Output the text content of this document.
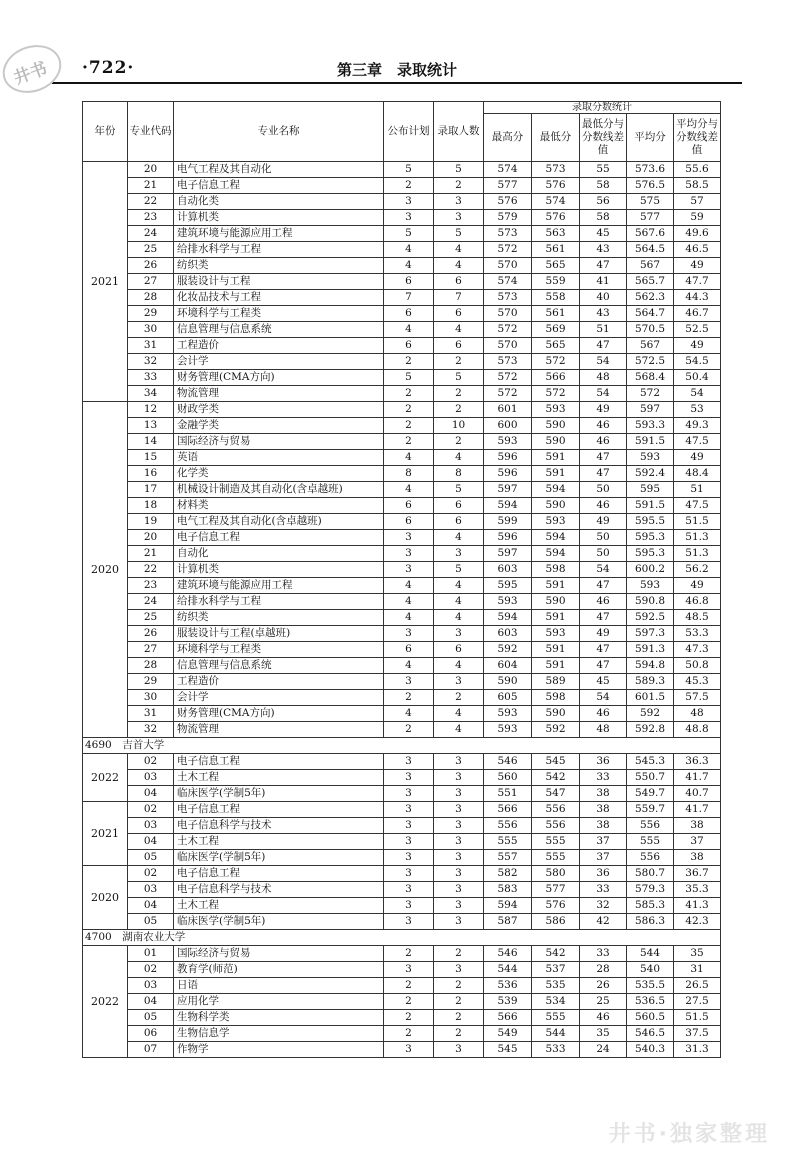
·722·	第三章　录取统计
井书
年份	专业代码	专业名称	公布计划	录取人数	录取分数统计				
					最高分	最低分	最低分与分数线差值	平均分	平均分与分数线差值
2021	20	电气工程及其自动化	5	5	574	573	55	573.6	55.6
	21	电子信息工程	2	2	577	576	58	576.5	58.5
	22	自动化类	3	3	576	574	56	575	57
	23	计算机类	3	3	579	576	58	577	59
	24	建筑环境与能源应用工程	5	5	573	563	45	567.6	49.6
	25	给排水科学与工程	4	4	572	561	43	564.5	46.5
	26	纺织类	4	4	570	565	47	567	49
	27	服装设计与工程	6	6	574	559	41	565.7	47.7
	28	化妆品技术与工程	7	7	573	558	40	562.3	44.3
	29	环境科学与工程类	6	6	570	561	43	564.7	46.7
	30	信息管理与信息系统	4	4	572	569	51	570.5	52.5
	31	工程造价	6	6	570	565	47	567	49
	32	会计学	2	2	573	572	54	572.5	54.5
	33	财务管理(CMA方向)	5	5	572	566	48	568.4	50.4
	34	物流管理	2	2	572	572	54	572	54
2020	12	财政学类	2	2	601	593	49	597	53
	13	金融学类	2	10	600	590	46	593.3	49.3
	14	国际经济与贸易	2	2	593	590	46	591.5	47.5
	15	英语	4	4	596	591	47	593	49
	16	化学类	8	8	596	591	47	592.4	48.4
	17	机械设计制造及其自动化(含卓越班)	4	5	597	594	50	595	51
	18	材料类	6	6	594	590	46	591.5	47.5
	19	电气工程及其自动化(含卓越班)	6	6	599	593	49	595.5	51.5
	20	电子信息工程	3	4	596	594	50	595.3	51.3
	21	自动化	3	3	597	594	50	595.3	51.3
	22	计算机类	3	5	603	598	54	600.2	56.2
	23	建筑环境与能源应用工程	4	4	595	591	47	593	49
	24	给排水科学与工程	4	4	593	590	46	590.8	46.8
	25	纺织类	4	4	594	591	47	592.5	48.5
	26	服装设计与工程(卓越班)	3	3	603	593	49	597.3	53.3
	27	环境科学与工程类	6	6	592	591	47	591.3	47.3
	28	信息管理与信息系统	4	4	604	591	47	594.8	50.8
	29	工程造价	3	3	590	589	45	589.3	45.3
	30	会计学	2	2	605	598	54	601.5	57.5
	31	财务管理(CMA方向)	4	4	593	590	46	592	48
	32	物流管理	2	4	593	592	48	592.8	48.8
4690　吉首大学									
2022	02	电子信息工程	3	3	546	545	36	545.3	36.3
	03	土木工程	3	3	560	542	33	550.7	41.7
	04	临床医学(学制5年)	3	3	551	547	38	549.7	40.7
2021	02	电子信息工程	3	3	566	556	38	559.7	41.7
	03	电子信息科学与技术	3	3	556	556	38	556	38
	04	土木工程	3	3	555	555	37	555	37
	05	临床医学(学制5年)	3	3	557	555	37	556	38
2020	02	电子信息工程	3	3	582	580	36	580.7	36.7
	03	电子信息科学与技术	3	3	583	577	33	579.3	35.3
	04	土木工程	3	3	594	576	32	585.3	41.3
	05	临床医学(学制5年)	3	3	587	586	42	586.3	42.3
4700　湖南农业大学									
2022	01	国际经济与贸易	2	2	546	542	33	544	35
	02	教育学(师范)	3	3	544	537	28	540	31
	03	日语	2	2	536	535	26	535.5	26.5
	04	应用化学	2	2	539	534	25	536.5	27.5
	05	生物科学类	2	2	566	555	46	560.5	51.5
	06	生物信息学	2	2	549	544	35	546.5	37.5
	07	作物学	3	3	545	533	24	540.3	31.3
井书·独家整理
